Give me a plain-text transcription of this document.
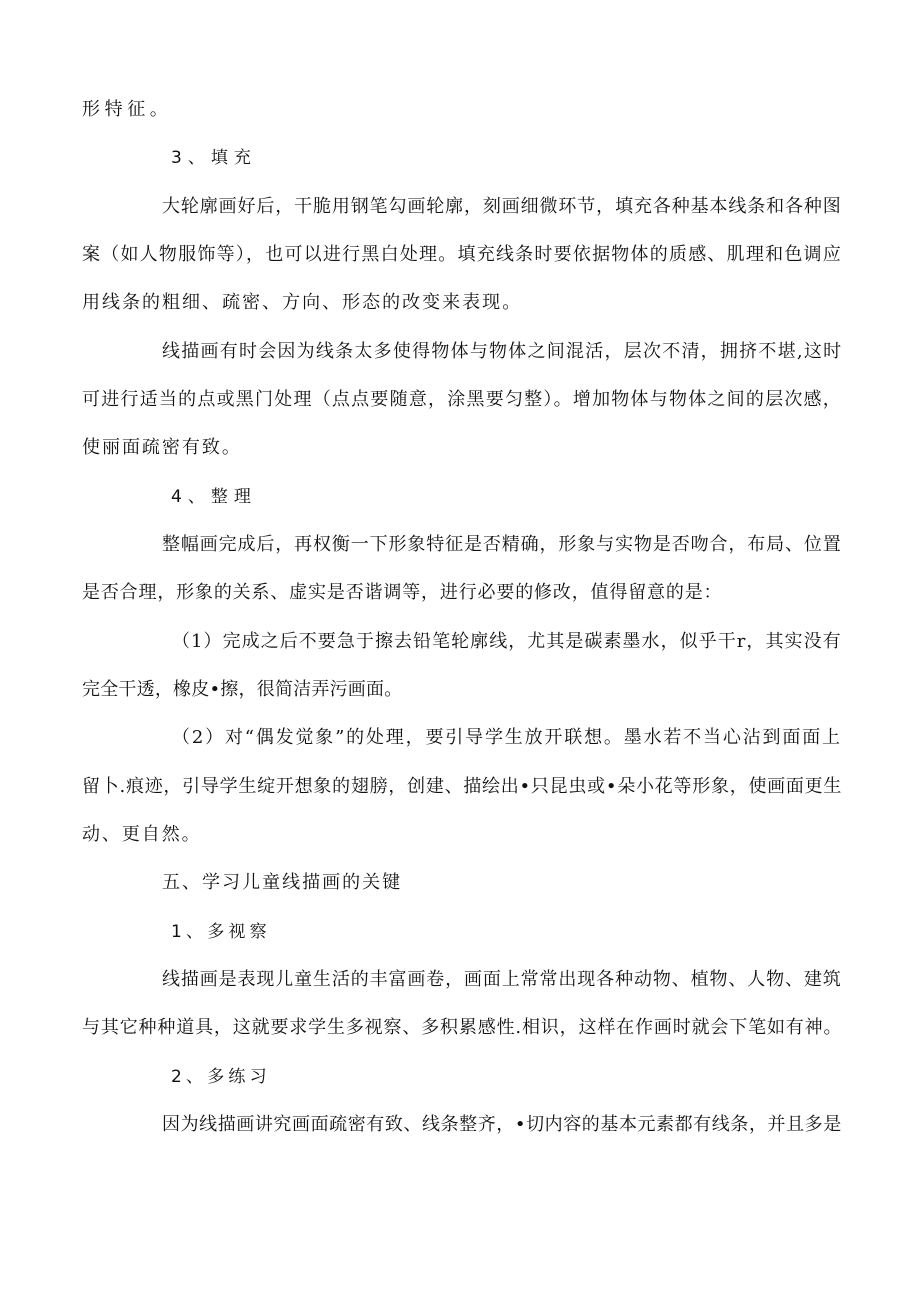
形特征。
3、填充
大轮廓画好后，干脆用钢笔勾画轮廓，刻画细微环节，填充各种基本线条和各种图
案（如人物服饰等），也可以进行黑白处理。填充线条时要依据物体的质感、肌理和色调应
用线条的粗细、疏密、方向、形态的改变来表现。
线描画有时会因为线条太多使得物体与物体之间混活，层次不清，拥挤不堪,这时
可进行适当的点或黑门处理（点点要随意，涂黑要匀整）。增加物体与物体之间的层次感，
使丽面疏密有致。
4、整理
整幅画完成后，再权衡一下形象特征是否精确，形象与实物是否吻合，布局、位置
是否合理，形象的关系、虚实是否谐调等，进行必要的修改，值得留意的是：
（1）完成之后不要急于擦去铅笔轮廓线，尤其是碳素墨水，似乎干r，其实没有
完全干透，橡皮•擦，很简洁弄污画面。
（2）对“偶发觉象”的处理，要引导学生放开联想。墨水若不当心沾到面面上
留卜.痕迹，引导学生绽开想象的翅膀，创建、描绘出•只昆虫或•朵小花等形象，使画面更生
动、更自然。
五、学习儿童线描画的关键
1、多视察
线描画是表现儿童生活的丰富画卷，画面上常常出现各种动物、植物、人物、建筑
与其它种种道具，这就要求学生多视察、多积累感性.相识，这样在作画时就会下笔如有神。
2、多练习
因为线描画讲究画面疏密有致、线条整齐，•切内容的基本元素都有线条，并且多是
